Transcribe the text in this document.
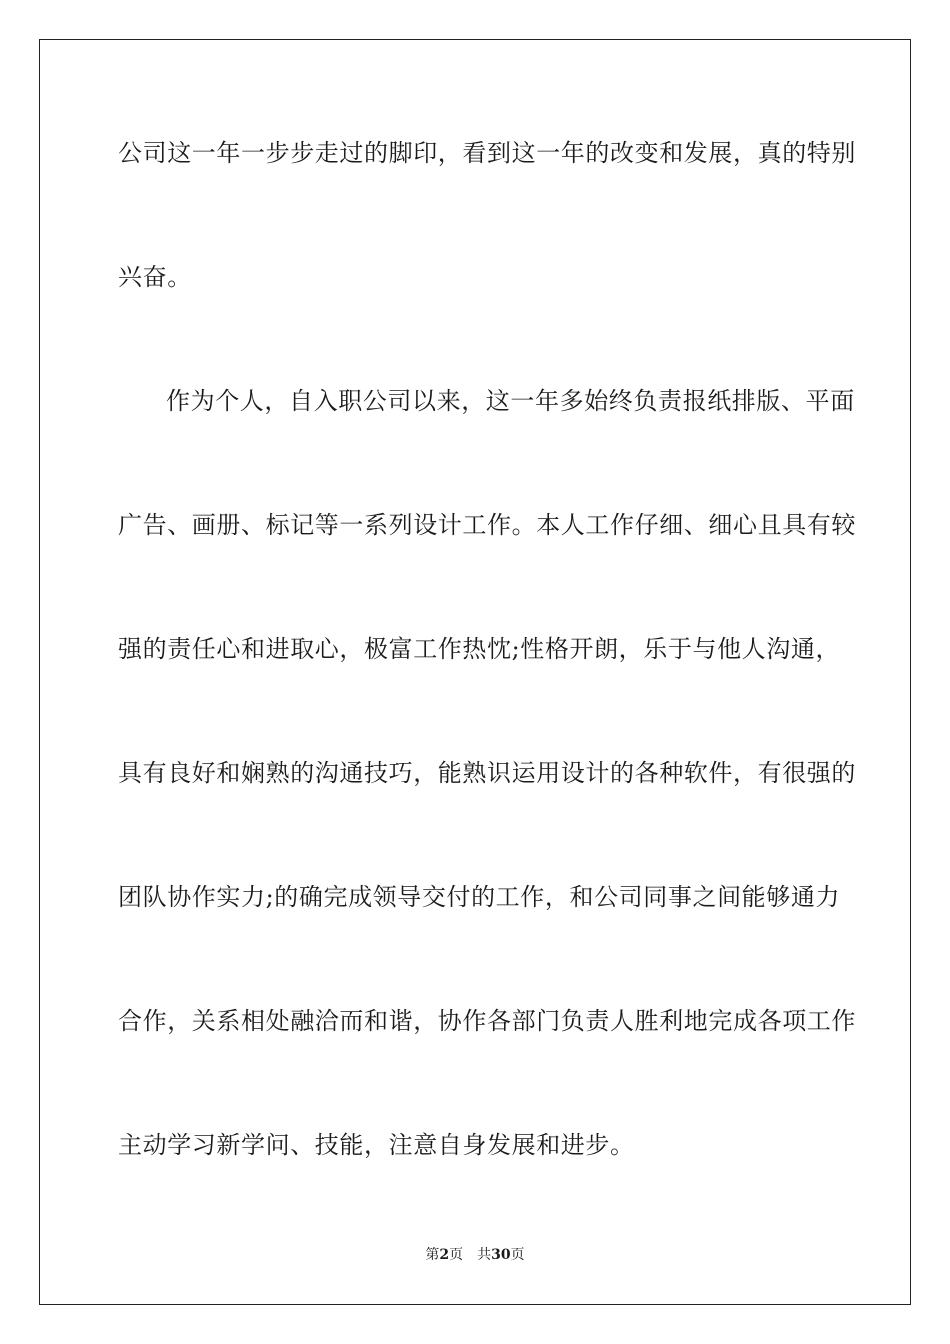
公司这一年一步步走过的脚印，看到这一年的改变和发展，真的特别
兴奋。
作为个人，自入职公司以来，这一年多始终负责报纸排版、平面
广告、画册、标记等一系列设计工作。本人工作仔细、细心且具有较
强的责任心和进取心，极富工作热忱;性格开朗，乐于与他人沟通，
具有良好和娴熟的沟通技巧，能熟识运用设计的各种软件，有很强的
团队协作实力;的确完成领导交付的工作，和公司同事之间能够通力
合作，关系相处融洽而和谐，协作各部门负责人胜利地完成各项工作
主动学习新学问、技能，注意自身发展和进步。
第2页 共30页
